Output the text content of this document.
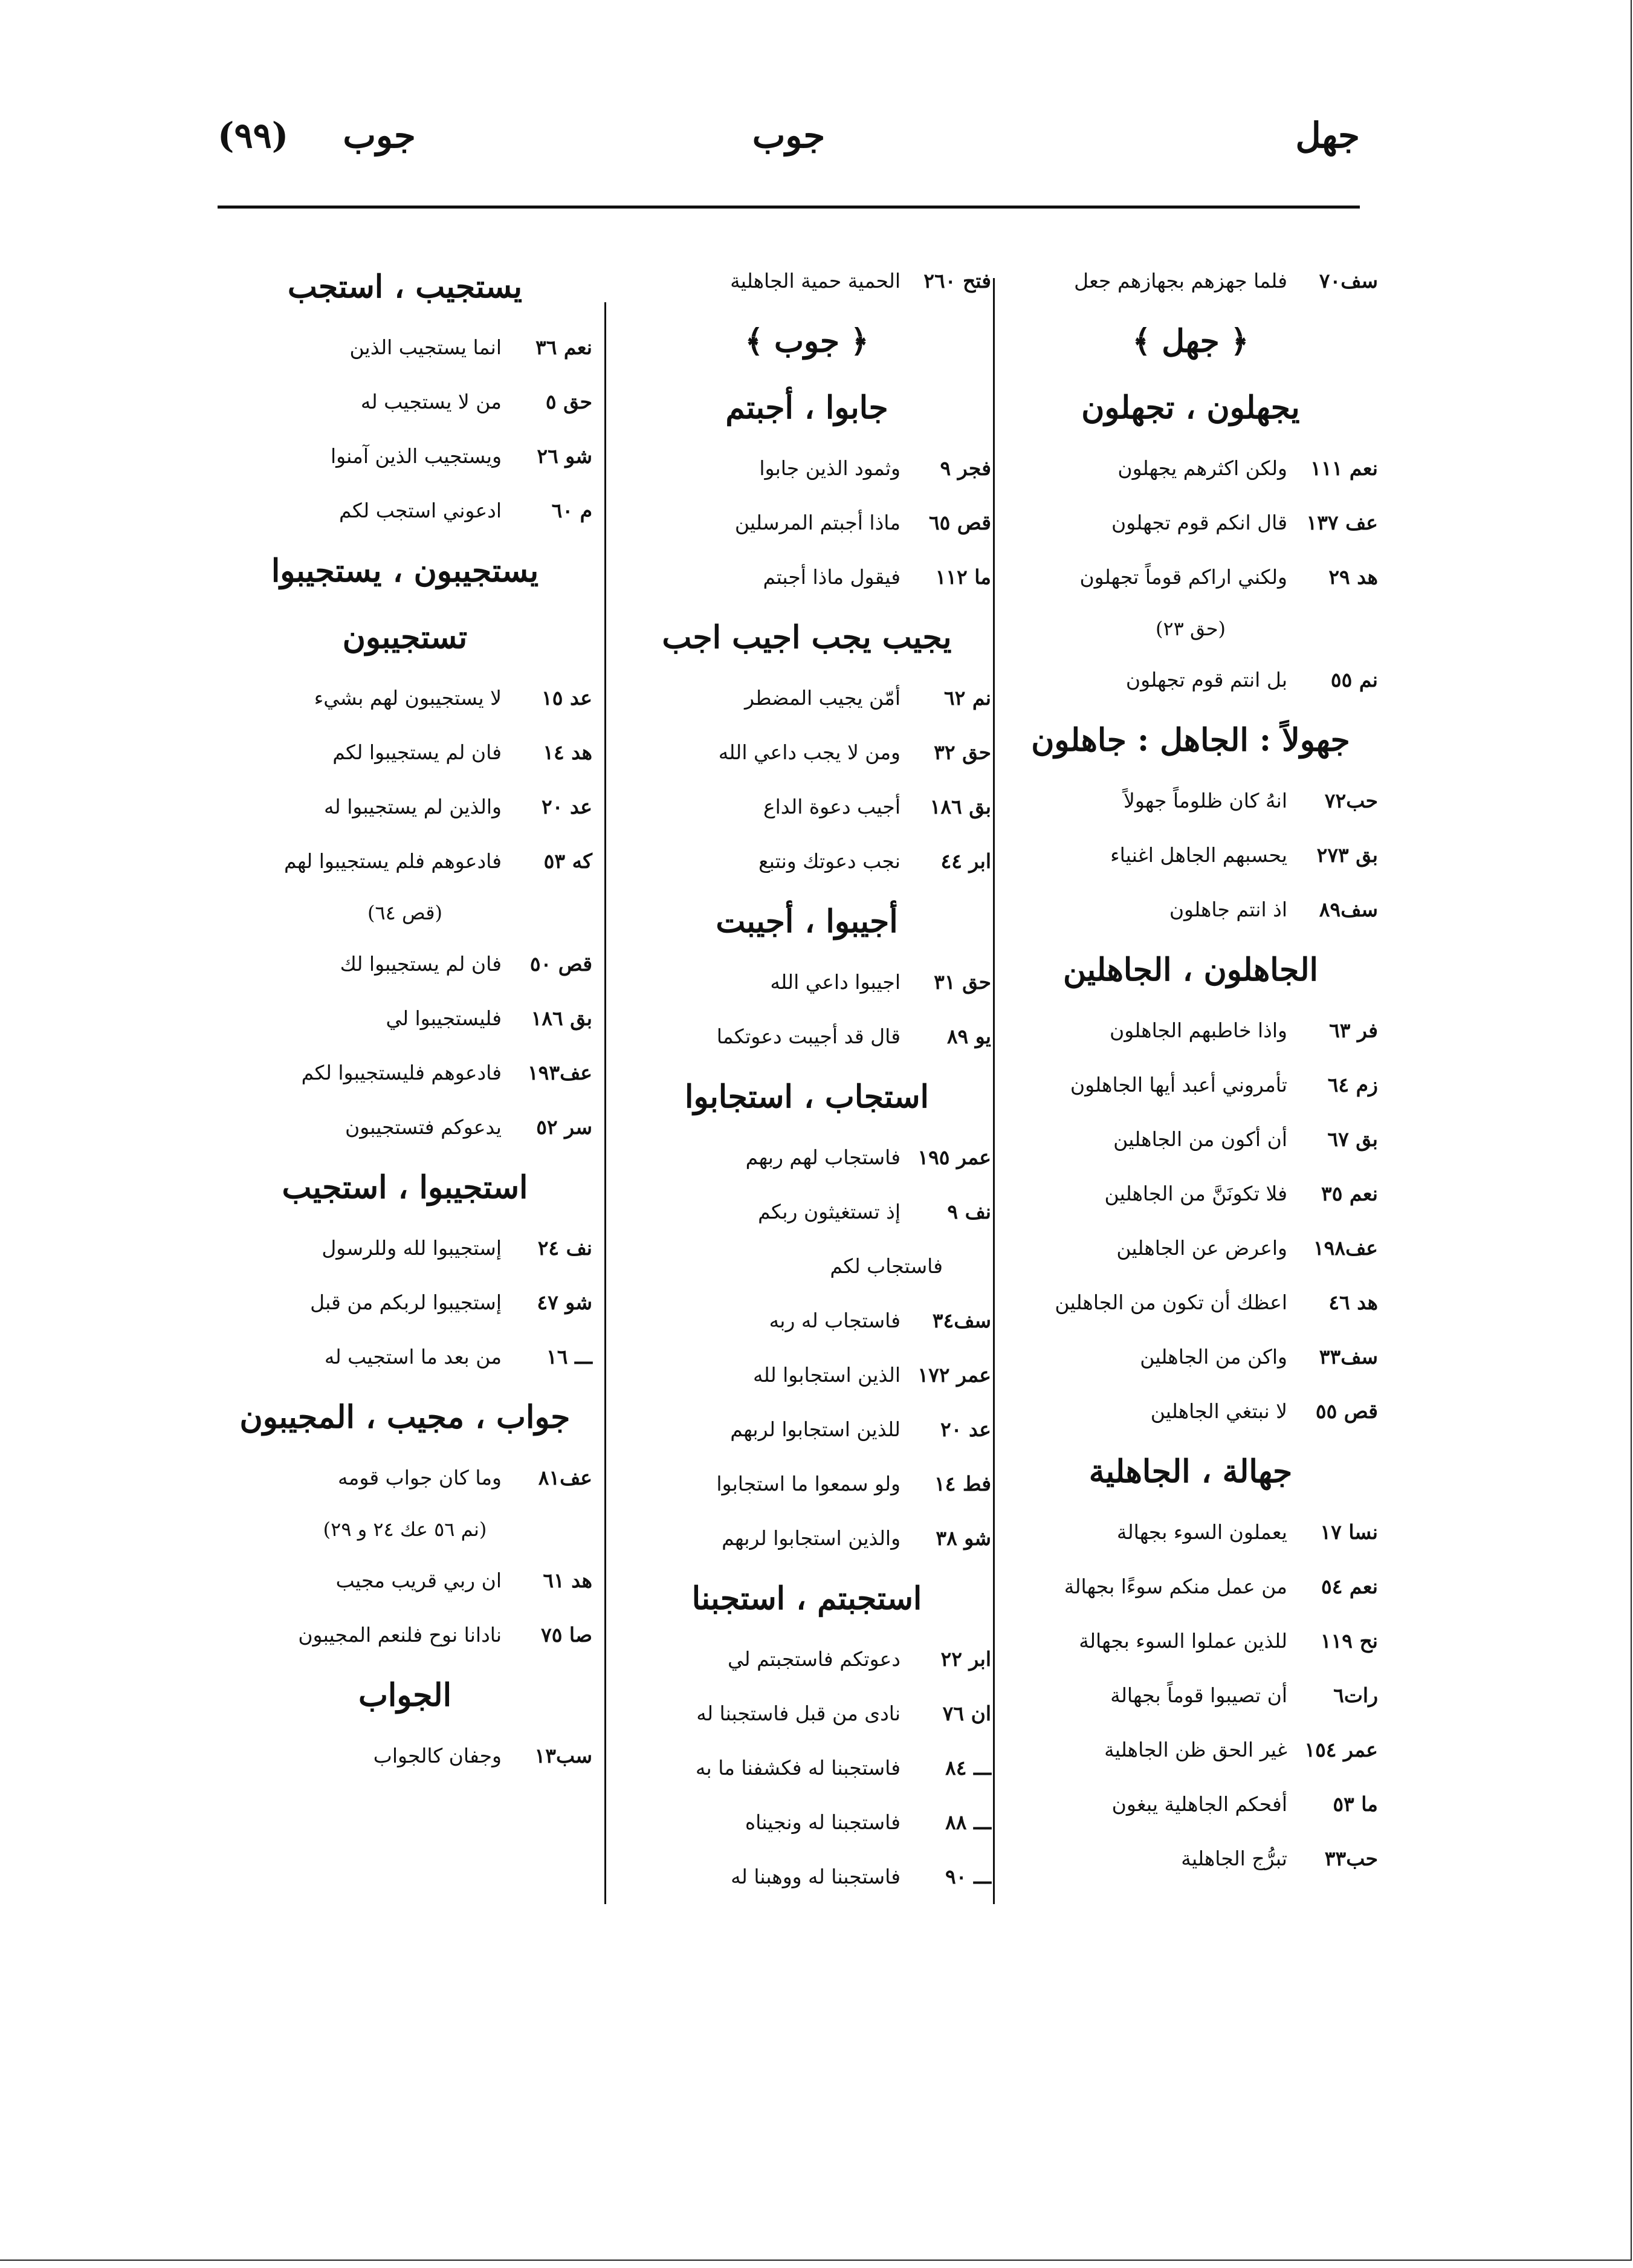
جهل
جوب
جوب (٩٩)
سف٧٠
فلما جهزهم بجهازهم جعل
﴿ جهل ﴾
يجهلون ، تجهلون
نعم ١١١
ولكن اكثرهم يجهلون
عف ١٣٧
قال انكم قوم تجهلون
هد ٢٩
ولكني اراكم قوماً تجهلون
(حق ٢٣)
نم ٥٥
بل انتم قوم تجهلون
جهولاً : الجاهل : جاهلون
حب٧٢
انهُ كان ظلوماً جهولاً
بق ٢٧٣
يحسبهم الجاهل اغنياء
سف٨٩
اذ انتم جاهلون
الجاهلون ، الجاهلين
فر ٦٣
واذا خاطبهم الجاهلون
زم ٦٤
تأمروني أعبد أيها الجاهلون
بق ٦٧
أن أكون من الجاهلين
نعم ٣٥
فلا تكونَنَّ من الجاهلين
عف١٩٨
واعرض عن الجاهلين
هد ٤٦
اعظك أن تكون من الجاهلين
سف٣٣
واكن من الجاهلين
قص ٥٥
لا نبتغي الجاهلين
جهالة ، الجاهلية
نسا ١٧
يعملون السوء بجهالة
نعم ٥٤
من عمل منكم سوءًا بجهالة
نح ١١٩
للذين عملوا السوء بجهالة
رات٦
أن تصيبوا قوماً بجهالة
عمر ١٥٤
غير الحق ظن الجاهلية
ما ٥٣
أفحكم الجاهلية يبغون
حب٣٣
تبرُّج الجاهلية
فتح ٢٦٠
الحمية حمية الجاهلية
﴿ جوب ﴾
جابوا ، أجبتم
فجر ٩
وثمود الذين جابوا
قص ٦٥
ماذا أجبتم المرسلين
ما ١١٢
فيقول ماذا أجبتم
يجيب يجب اجيب اجب
نم ٦٢
أمّن يجيب المضطر
حق ٣٢
ومن لا يجب داعي الله
بق ١٨٦
أجيب دعوة الداع
ابر ٤٤
نجب دعوتك ونتبع
أجيبوا ، أجيبت
حق ٣١
اجيبوا داعي الله
يو ٨٩
قال قد أجيبت دعوتكما
استجاب ، استجابوا
عمر ١٩٥
فاستجاب لهم ربهم
نف ٩
إذ تستغيثون ربكم
فاستجاب لكم
سف٣٤
فاستجاب له ربه
عمر ١٧٢
الذين استجابوا لله
عد ٢٠
للذين استجابوا لربهم
فط ١٤
ولو سمعوا ما استجابوا
شو ٣٨
والذين استجابوا لربهم
استجبتم ، استجبنا
ابر ٢٢
دعوتكم فاستجبتم لي
ان ٧٦
نادى من قبل فاستجبنا له
ـــ ٨٤
فاستجبنا له فكشفنا ما به
ـــ ٨٨
فاستجبنا له ونجيناه
ـــ ٩٠
فاستجبنا له ووهبنا له
يستجيب ، استجب
نعم ٣٦
انما يستجيب الذين
حق ٥
من لا يستجيب له
شو ٢٦
ويستجيب الذين آمنوا
م ٦٠
ادعوني استجب لكم
يستجيبون ، يستجيبوا
تستجيبون
عد ١٥
لا يستجيبون لهم بشيء
هد ١٤
فان لم يستجيبوا لكم
عد ٢٠
والذين لم يستجيبوا له
كه ٥٣
فادعوهم فلم يستجيبوا لهم
(قص ٦٤)
قص ٥٠
فان لم يستجيبوا لك
بق ١٨٦
فليستجيبوا لي
عف١٩٣
فادعوهم فليستجيبوا لكم
سر ٥٢
يدعوكم فتستجيبون
استجيبوا ، استجيب
نف ٢٤
إستجيبوا لله وللرسول
شو ٤٧
إستجيبوا لربكم من قبل
ـــ ١٦
من بعد ما استجيب له
جواب ، مجيب ، المجيبون
عف٨١
وما كان جواب قومه
(نم ٥٦ عك ٢٤ و ٢٩)
هد ٦١
ان ربي قريب مجيب
صا ٧٥
نادانا نوح فلنعم المجيبون
الجواب
سب١٣
وجفان كالجواب
